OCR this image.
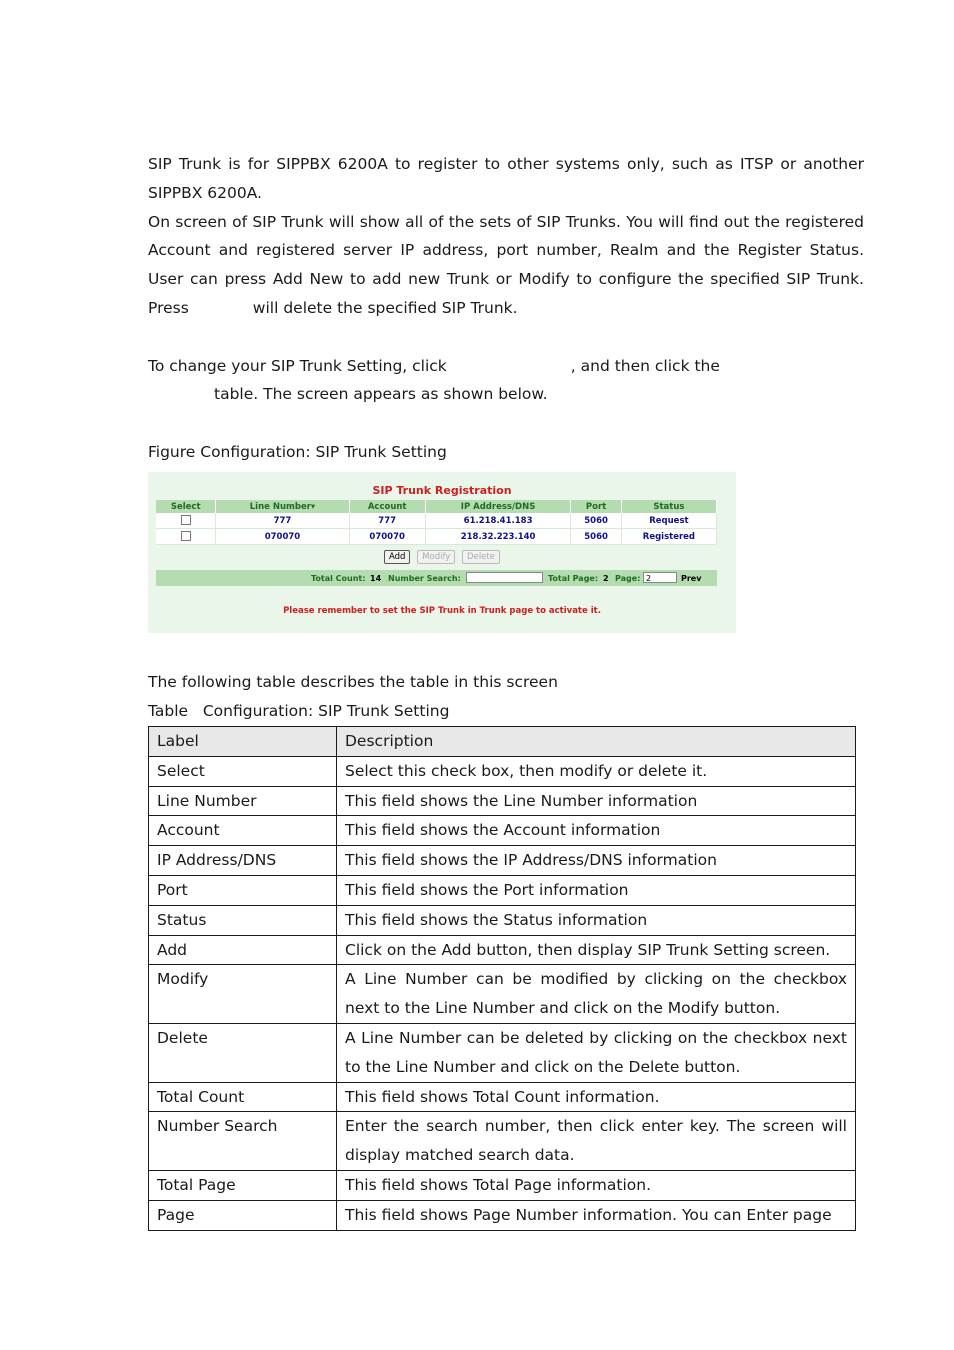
SIP Trunk is for SIPPBX 6200A to register to other systems only, such as ITSP or another SIPPBX 6200A.

On screen of SIP Trunk will show all of the sets of SIP Trunks. You will find out the registered Account and registered server IP address, port number, Realm and the Register Status. User can press Add New to add new Trunk or Modify to configure the specified SIP Trunk. Press	will delete the specified SIP Trunk.

To change your SIP Trunk Setting, click	, and then click the
table. The screen appears as shown below.

Figure Configuration: SIP Trunk Setting

SIP Trunk Registration
Select	Line Number▾	Account	IP Address/DNS	Port	Status
	777	777	61.218.41.183	5060	Request
	070070	070070	218.32.223.140	5060	Registered
Add Modify Delete
Total Count: 14 Number Search:	Total Page: 2 Page: 2	Prev
Please remember to set the SIP Trunk in Trunk page to activate it.

The following table describes the table in this screen

Table   Configuration: SIP Trunk Setting

Label	Description
Select	Select this check box, then modify or delete it.
Line Number	This field shows the Line Number information
Account	This field shows the Account information
IP Address/DNS	This field shows the IP Address/DNS information
Port	This field shows the Port information
Status	This field shows the Status information
Add	Click on the Add button, then display SIP Trunk Setting screen.
Modify	A Line Number can be modified by clicking on the checkbox next to the Line Number and click on the Modify button.
Delete	A Line Number can be deleted by clicking on the checkbox next to the Line Number and click on the Delete button.
Total Count	This field shows Total Count information.
Number Search	Enter the search number, then click enter key. The screen will display matched search data.
Total Page	This field shows Total Page information.
Page	This field shows Page Number information. You can Enter page
